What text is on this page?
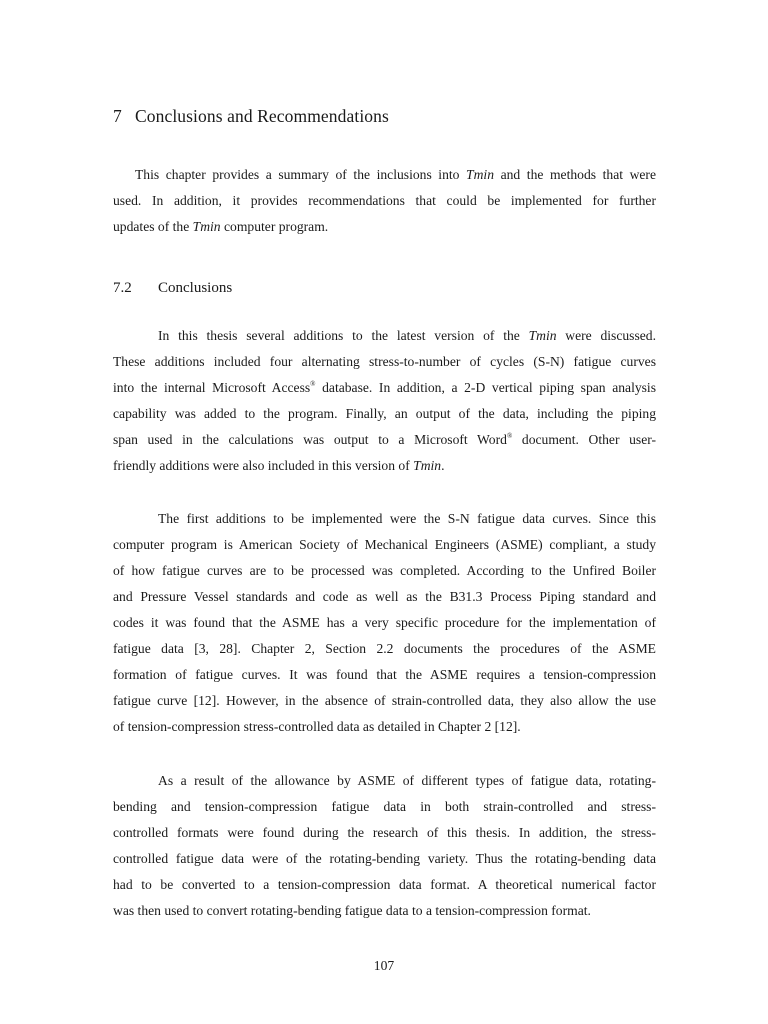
7 Conclusions and Recommendations
This chapter provides a summary of the inclusions into Tmin and the methods that were
used. In addition, it provides recommendations that could be implemented for further
updates of the Tmin computer program.
7.2 Conclusions
In this thesis several additions to the latest version of the Tmin were discussed.
These additions included four alternating stress-to-number of cycles (S-N) fatigue curves
into the internal Microsoft Access® database. In addition, a 2-D vertical piping span analysis
capability was added to the program. Finally, an output of the data, including the piping
span used in the calculations was output to a Microsoft Word® document. Other user-
friendly additions were also included in this version of Tmin.
The first additions to be implemented were the S-N fatigue data curves. Since this
computer program is American Society of Mechanical Engineers (ASME) compliant, a study
of how fatigue curves are to be processed was completed. According to the Unfired Boiler
and Pressure Vessel standards and code as well as the B31.3 Process Piping standard and
codes it was found that the ASME has a very specific procedure for the implementation of
fatigue data [3, 28]. Chapter 2, Section 2.2 documents the procedures of the ASME
formation of fatigue curves. It was found that the ASME requires a tension-compression
fatigue curve [12]. However, in the absence of strain-controlled data, they also allow the use
of tension-compression stress-controlled data as detailed in Chapter 2 [12].
As a result of the allowance by ASME of different types of fatigue data, rotating-
bending and tension-compression fatigue data in both strain-controlled and stress-
controlled formats were found during the research of this thesis. In addition, the stress-
controlled fatigue data were of the rotating-bending variety. Thus the rotating-bending data
had to be converted to a tension-compression data format. A theoretical numerical factor
was then used to convert rotating-bending fatigue data to a tension-compression format.
107
